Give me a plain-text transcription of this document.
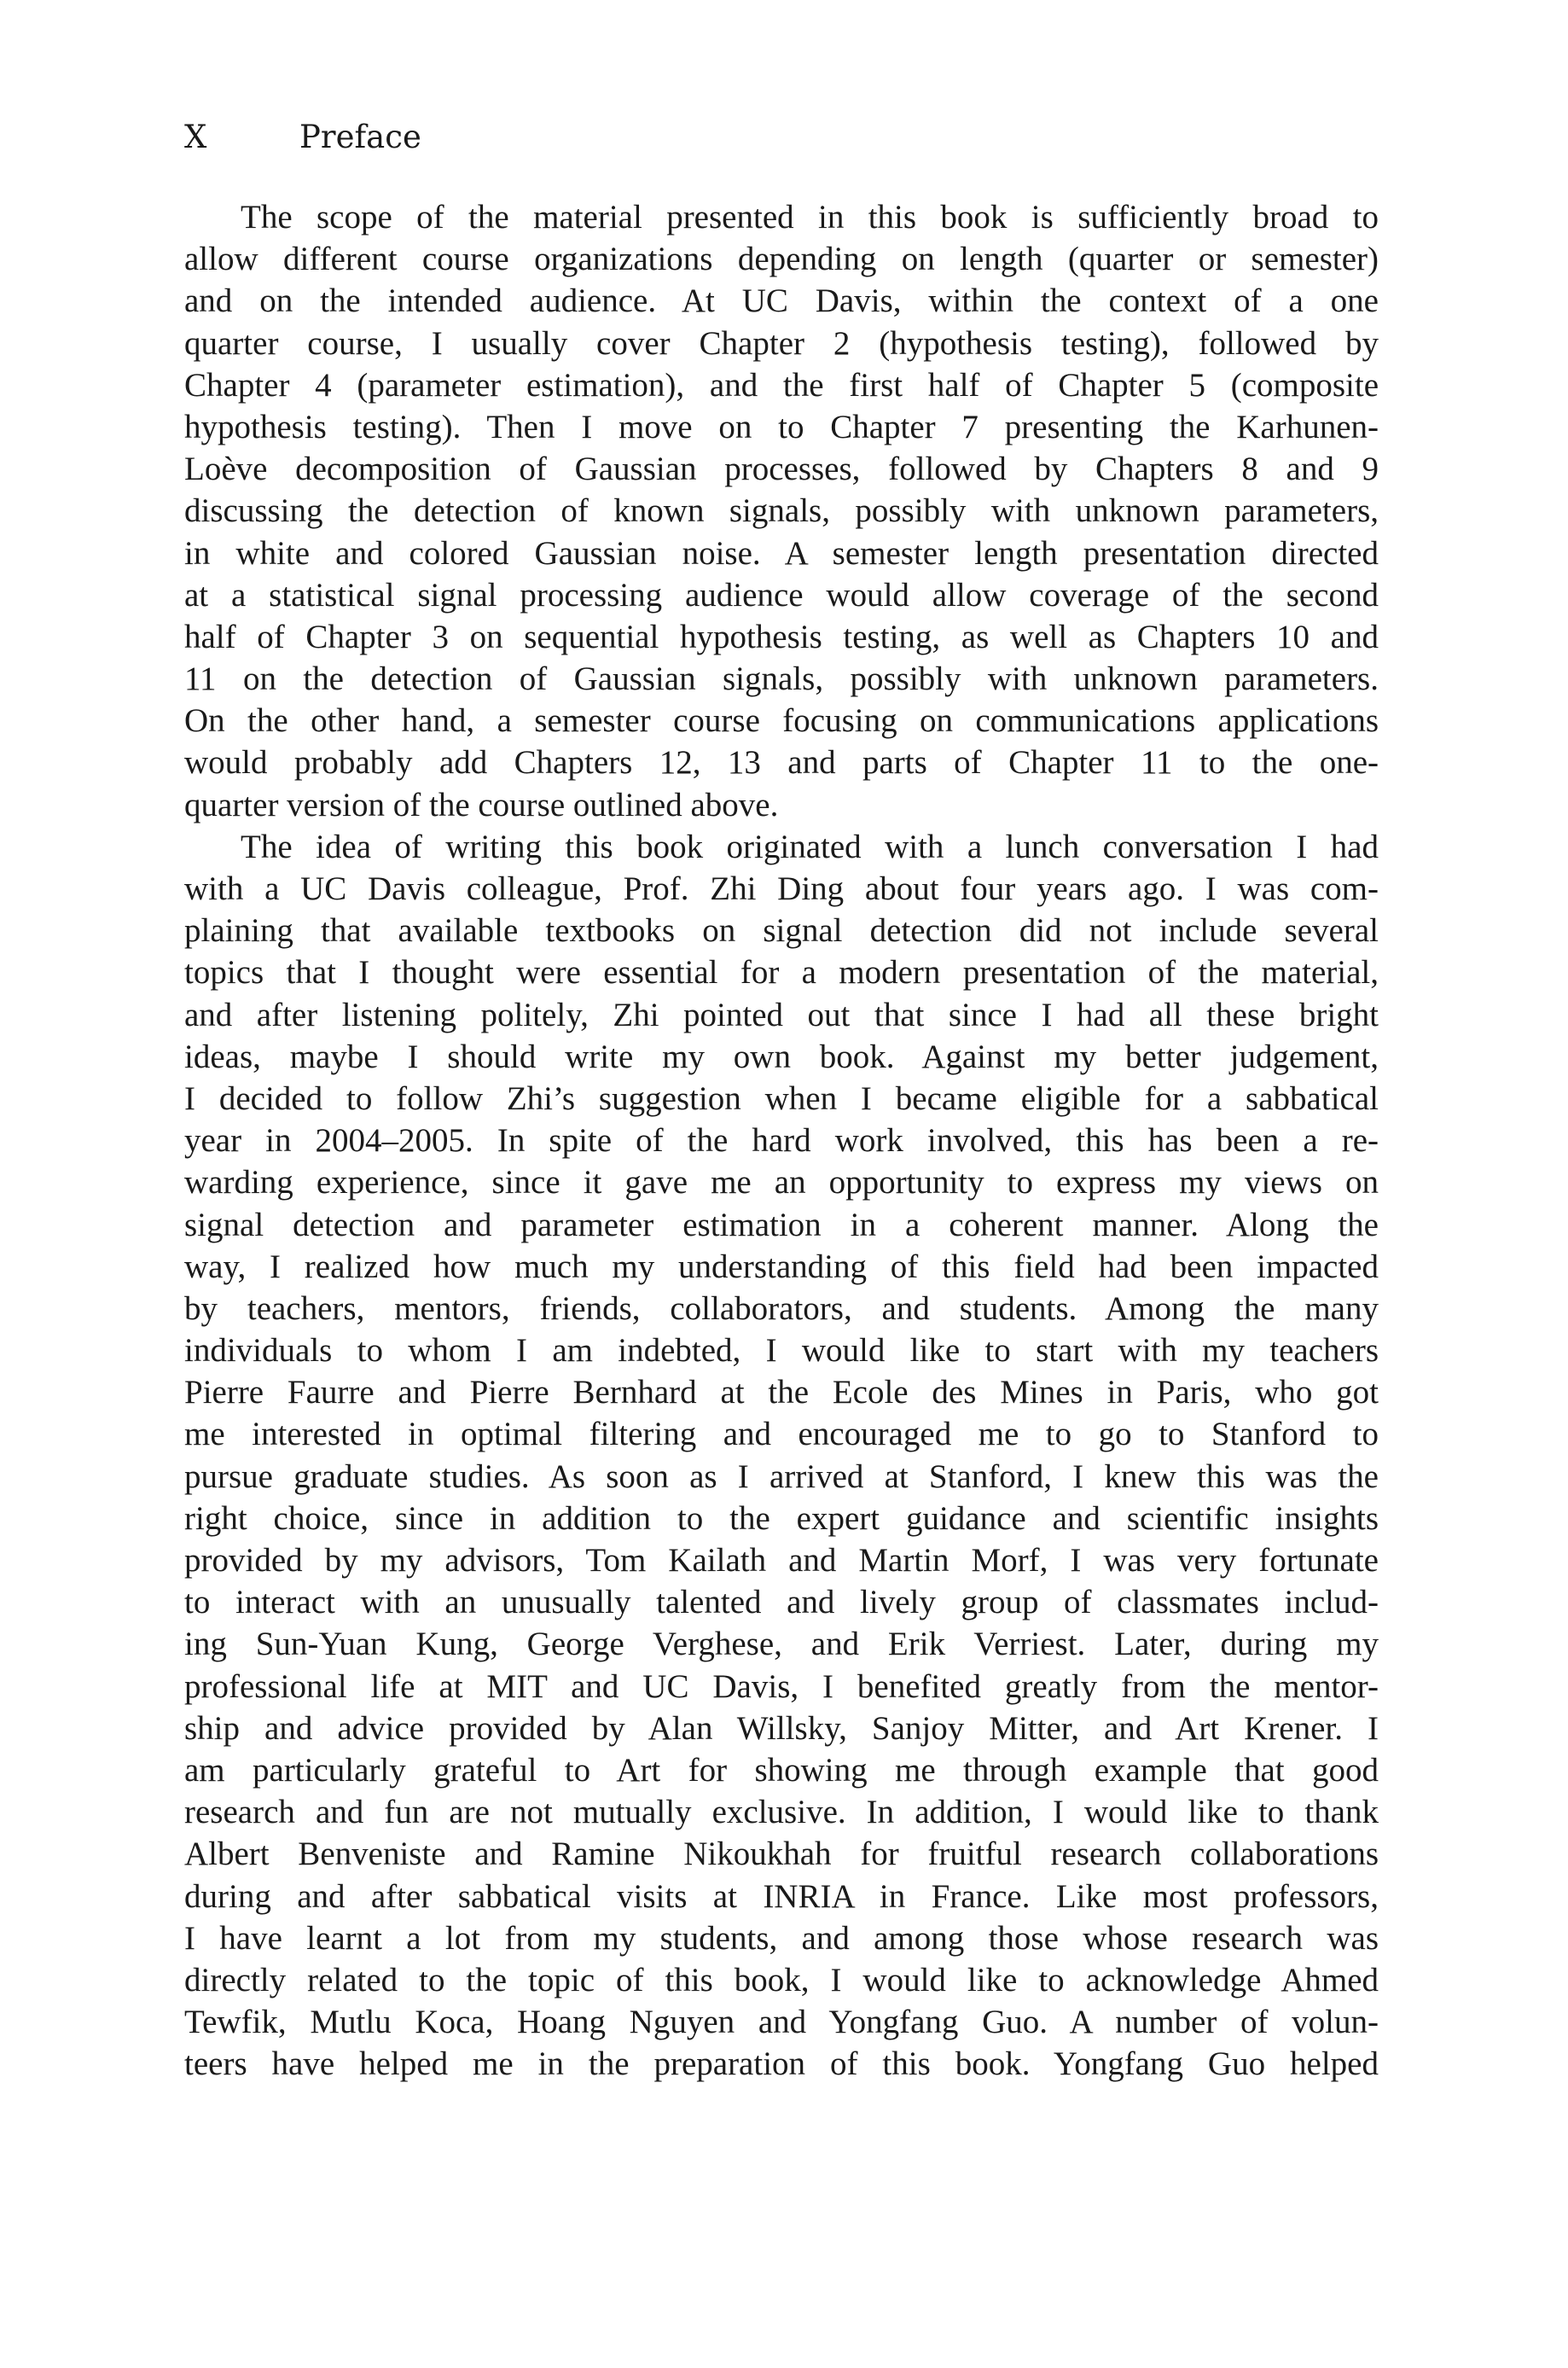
X	Preface
The scope of the material presented in this book is sufficiently broad to
allow different course organizations depending on length (quarter or semester)
and on the intended audience. At UC Davis, within the context of a one
quarter course, I usually cover Chapter 2 (hypothesis testing), followed by
Chapter 4 (parameter estimation), and the first half of Chapter 5 (composite
hypothesis testing). Then I move on to Chapter 7 presenting the Karhunen-
Loève decomposition of Gaussian processes, followed by Chapters 8 and 9
discussing the detection of known signals, possibly with unknown parameters,
in white and colored Gaussian noise. A semester length presentation directed
at a statistical signal processing audience would allow coverage of the second
half of Chapter 3 on sequential hypothesis testing, as well as Chapters 10 and
11 on the detection of Gaussian signals, possibly with unknown parameters.
On the other hand, a semester course focusing on communications applications
would probably add Chapters 12, 13 and parts of Chapter 11 to the one-
quarter version of the course outlined above.
The idea of writing this book originated with a lunch conversation I had
with a UC Davis colleague, Prof. Zhi Ding about four years ago. I was com-
plaining that available textbooks on signal detection did not include several
topics that I thought were essential for a modern presentation of the material,
and after listening politely, Zhi pointed out that since I had all these bright
ideas, maybe I should write my own book. Against my better judgement,
I decided to follow Zhi’s suggestion when I became eligible for a sabbatical
year in 2004–2005. In spite of the hard work involved, this has been a re-
warding experience, since it gave me an opportunity to express my views on
signal detection and parameter estimation in a coherent manner. Along the
way, I realized how much my understanding of this field had been impacted
by teachers, mentors, friends, collaborators, and students. Among the many
individuals to whom I am indebted, I would like to start with my teachers
Pierre Faurre and Pierre Bernhard at the Ecole des Mines in Paris, who got
me interested in optimal filtering and encouraged me to go to Stanford to
pursue graduate studies. As soon as I arrived at Stanford, I knew this was the
right choice, since in addition to the expert guidance and scientific insights
provided by my advisors, Tom Kailath and Martin Morf, I was very fortunate
to interact with an unusually talented and lively group of classmates includ-
ing Sun-Yuan Kung, George Verghese, and Erik Verriest. Later, during my
professional life at MIT and UC Davis, I benefited greatly from the mentor-
ship and advice provided by Alan Willsky, Sanjoy Mitter, and Art Krener. I
am particularly grateful to Art for showing me through example that good
research and fun are not mutually exclusive. In addition, I would like to thank
Albert Benveniste and Ramine Nikoukhah for fruitful research collaborations
during and after sabbatical visits at INRIA in France. Like most professors,
I have learnt a lot from my students, and among those whose research was
directly related to the topic of this book, I would like to acknowledge Ahmed
Tewfik, Mutlu Koca, Hoang Nguyen and Yongfang Guo. A number of volun-
teers have helped me in the preparation of this book. Yongfang Guo helped
